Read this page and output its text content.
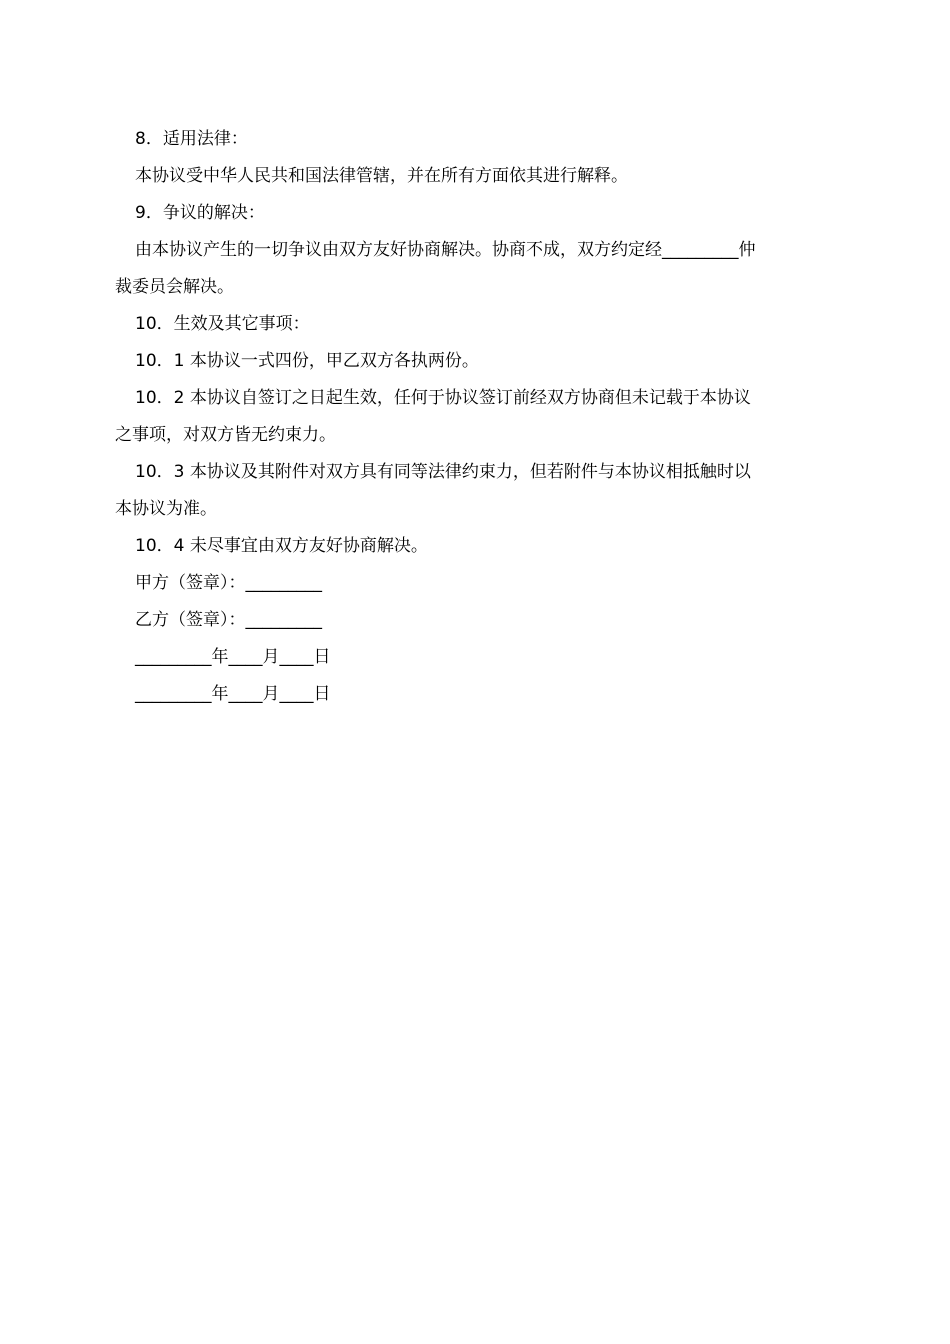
8．适用法律：
本协议受中华人民共和国法律管辖，并在所有方面依其进行解释。
9．争议的解决：
由本协议产生的一切争议由双方友好协商解决。协商不成，双方约定经_________仲
裁委员会解决。
10．生效及其它事项：
10．1 本协议一式四份，甲乙双方各执两份。
10．2 本协议自签订之日起生效，任何于协议签订前经双方协商但未记载于本协议
之事项，对双方皆无约束力。
10．3 本协议及其附件对双方具有同等法律约束力，但若附件与本协议相抵触时以
本协议为准。
10．4 未尽事宜由双方友好协商解决。
甲方（签章）：_________
乙方（签章）：_________
_________年____月____日
_________年____月____日
